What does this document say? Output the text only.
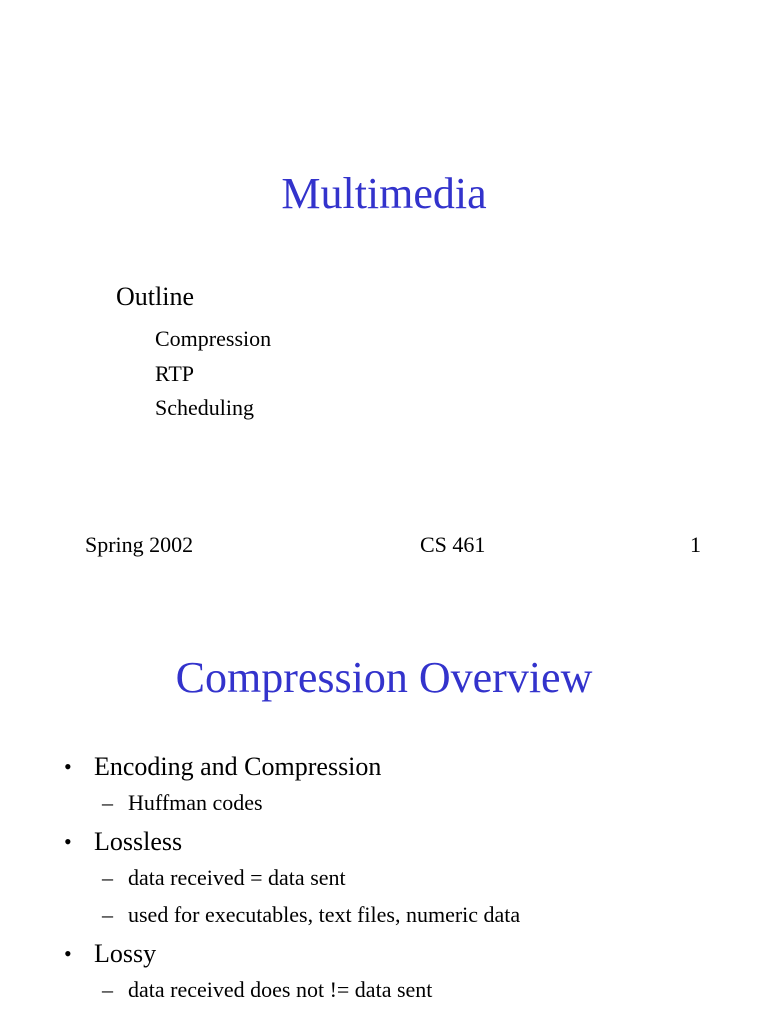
Multimedia
Outline
Compression
RTP
Scheduling
Spring 2002	CS 461	1
Compression Overview
• Encoding and Compression
– Huffman codes
• Lossless
– data received = data sent
– used for executables, text files, numeric data
• Lossy
– data received does not != data sent
